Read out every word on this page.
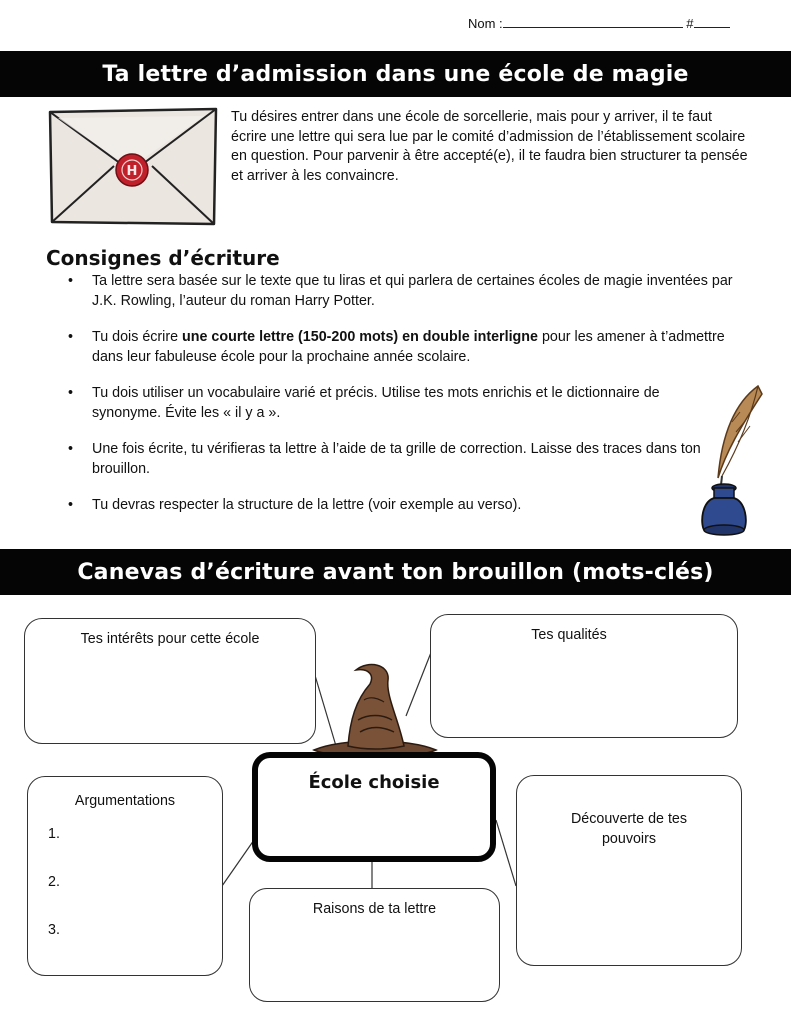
Nom :	#
Ta lettre d’admission dans une école de magie
H
Tu désires entrer dans une école de sorcellerie, mais pour y arriver, il te faut écrire une lettre qui sera lue par le comité d’admission de l’établissement scolaire en question. Pour parvenir à être accepté(e), il te faudra bien structurer ta pensée et arriver à les convaincre.
Consignes d’écriture
• Ta lettre sera basée sur le texte que tu liras et qui parlera de certaines écoles de magie inventées par J.K. Rowling, l’auteur du roman Harry Potter.
• Tu dois écrire une courte lettre (150-200 mots) en double interligne pour les amener à t’admettre dans leur fabuleuse école pour la prochaine année scolaire.
• Tu dois utiliser un vocabulaire varié et précis. Utilise tes mots enrichis et le dictionnaire de synonyme. Évite les « il y a ».
• Une fois écrite, tu vérifieras ta lettre à l’aide de ta grille de correction. Laisse des traces dans ton brouillon.
• Tu devras respecter la structure de la lettre (voir exemple au verso).
Canevas d’écriture avant ton brouillon (mots-clés)
Tes intérêts pour cette école	Tes qualités
Argumentations
1.
2.
3.
Découverte de tes pouvoirs
Raisons de ta lettre
École choisie
